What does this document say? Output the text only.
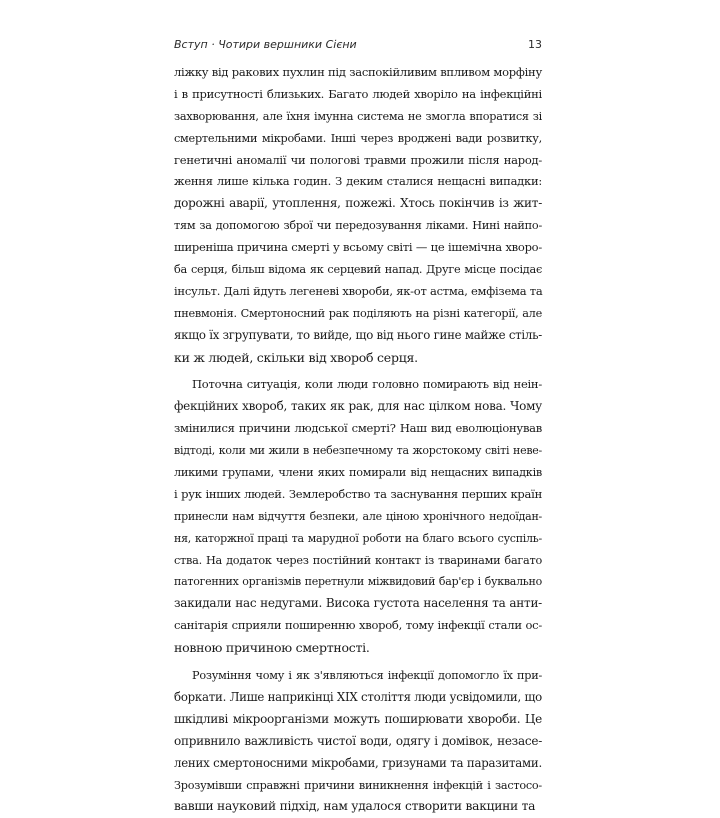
Вступ · Чотири вершники Сієни	13
ліжку від ракових пухлин під заспокійливим впливом морфіну
і в присутності близьких. Багато людей хворіло на інфекційні
захворювання, але їхня імунна система не змогла впоратися зі
смертельними мікробами. Інші через вроджені вади розвитку,
генетичні аномалії чи пологові травми прожили після народ-
ження лише кілька годин. З деким сталися нещасні випадки:
дорожні аварії, утоплення, пожежі. Хтось покінчив із жит-
тям за допомогою зброї чи передозування ліками. Нині найпо-
ширеніша причина смерті у всьому світі — це ішемічна хворо-
ба серця, більш відома як серцевий напад. Друге місце посідає
інсульт. Далі йдуть легеневі хвороби, як-от астма, емфізема та
пневмонія. Смертоносний рак поділяють на різні категорії, але
якщо їх згрупувати, то вийде, що від нього гине майже стіль-
ки ж людей, скільки від хвороб серця.
Поточна ситуація, коли люди головно помирають від неін-
фекційних хвороб, таких як рак, для нас цілком нова. Чому
змінилися причини людської смерті? Наш вид еволюціонував
відтоді, коли ми жили в небезпечному та жорстокому світі неве-
ликими групами, члени яких помирали від нещасних випадків
і рук інших людей. Землеробство та заснування перших країн
принесли нам відчуття безпеки, але ціною хронічного недоїдан-
ня, каторжної праці та марудної роботи на благо всього суспіль-
ства. На додаток через постійний контакт із тваринами багато
патогенних організмів перетнули міжвидовий бар'єр і буквально
закидали нас недугами. Висока густота населення та анти-
санітарія сприяли поширенню хвороб, тому інфекції стали ос-
новною причиною смертності.
Розуміння чому і як з'являються інфекції допомогло їх при-
боркати. Лише наприкінці XIX століття люди усвідомили, що
шкідливі мікроорганізми можуть поширювати хвороби. Це
опривнило важливість чистої води, одягу і домівок, незасе-
лених смертоносними мікробами, гризунами та паразитами.
Зрозумівши справжні причини виникнення інфекцій і застосо-
вавши науковий підхід, нам удалося створити вакцини та
